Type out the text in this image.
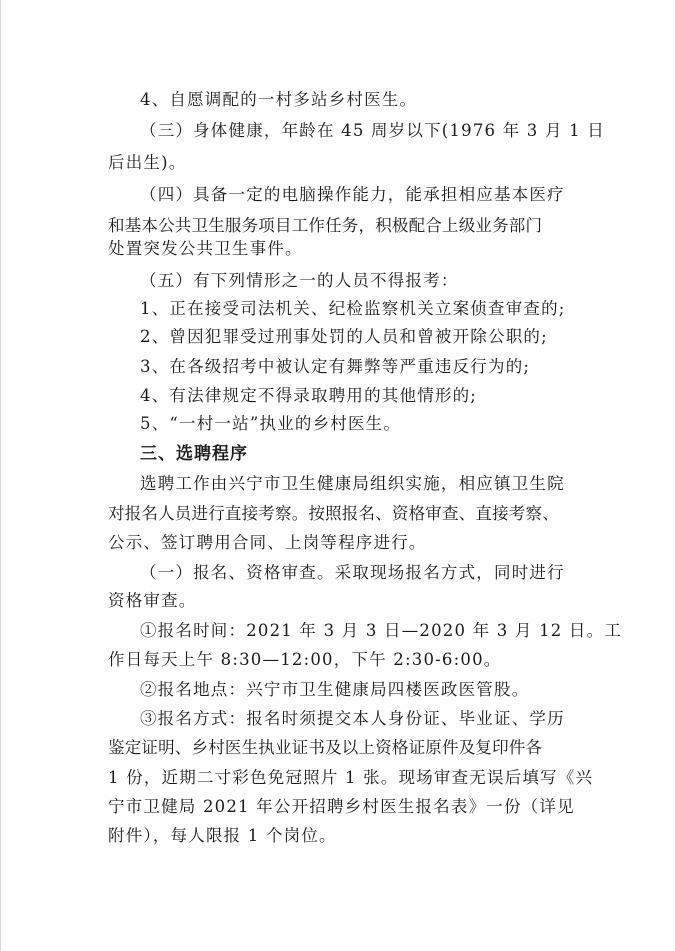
4、自愿调配的一村多站乡村医生。
（三）身体健康，年龄在 45 周岁以下(1976 年 3 月 1 日
后出生)。
（四）具备一定的电脑操作能力，能承担相应基本医疗
和基本公共卫生服务项目工作任务，积极配合上级业务部门
处置突发公共卫生事件。
（五）有下列情形之一的人员不得报考：
1、正在接受司法机关、纪检监察机关立案侦查审查的;
2、曾因犯罪受过刑事处罚的人员和曾被开除公职的;
3、在各级招考中被认定有舞弊等严重违反行为的;
4、有法律规定不得录取聘用的其他情形的;
5、“一村一站”执业的乡村医生。
三、选聘程序
选聘工作由兴宁市卫生健康局组织实施，相应镇卫生院
对报名人员进行直接考察。按照报名、资格审查、直接考察、
公示、签订聘用合同、上岗等程序进行。
（一）报名、资格审查。采取现场报名方式，同时进行
资格审查。
①报名时间：2021 年 3 月 3 日—2020 年 3 月 12 日。工
作日每天上午 8:30—12:00，下午 2:30-6:00。
②报名地点：兴宁市卫生健康局四楼医政医管股。
③报名方式：报名时须提交本人身份证、毕业证、学历
鉴定证明、乡村医生执业证书及以上资格证原件及复印件各
1 份，近期二寸彩色免冠照片 1 张。现场审查无误后填写《兴
宁市卫健局 2021 年公开招聘乡村医生报名表》一份（详见
附件），每人限报 1 个岗位。
